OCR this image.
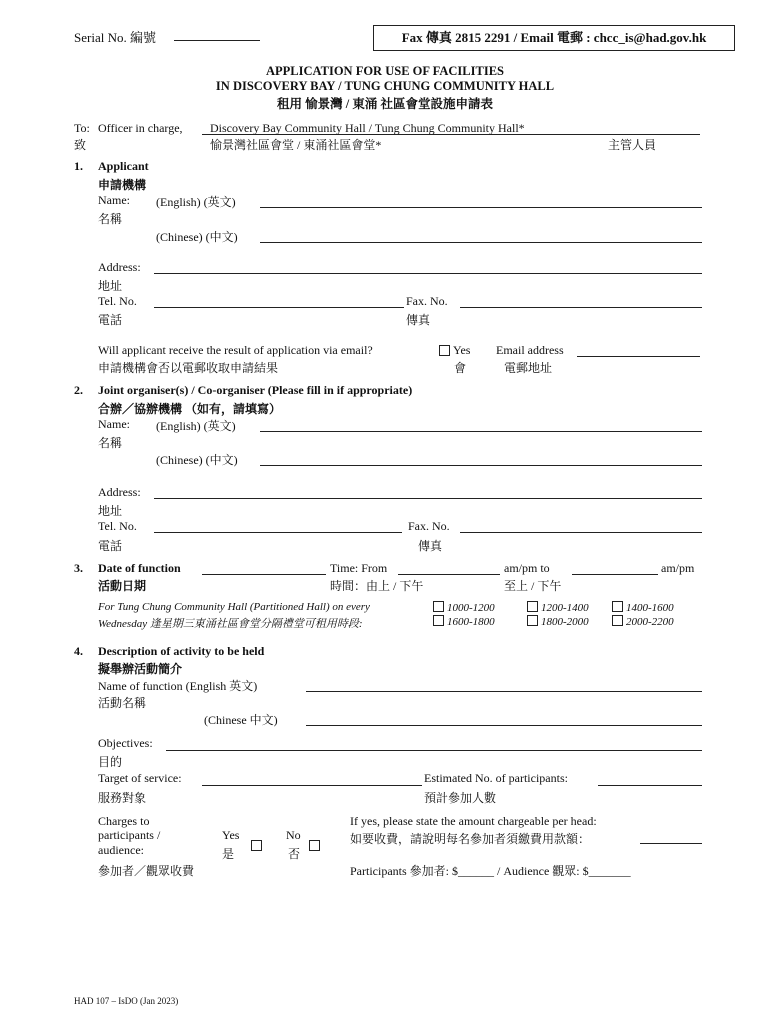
Serial No. 編號	Fax 傳真 2815 2291 / Email 電郵 : chcc_is@had.gov.hk
APPLICATION FOR USE OF FACILITIES
IN DISCOVERY BAY / TUNG CHUNG COMMUNITY HALL
租用 愉景灣 / 東涌 社區會堂設施申請表
To:
致
Officer in charge, Discovery Bay Community Hall / Tung Chung Community Hall*
愉景灣社區會堂 / 東涌社區會堂*	主管人員
1. Applicant
申請機構
Name:
名稱
(English) (英文)
(Chinese) (中文)
Address:
地址
Tel. No.
電話
Fax. No.
傳真
Will applicant receive the result of application via email?
申請機構會否以電郵收取申請結果
Yes
會
Email address
電郵地址
2. Joint organiser(s) / Co-organiser (Please fill in if appropriate)
合辦／協辦機構 （如有，請填寫）
Name:
名稱
(English) (英文)
(Chinese) (中文)
Address:
地址
Tel. No.
電話
Fax. No.
傳真
3. Date of function
活動日期
Time: From
時間：由上 / 下午
am/pm to
至上 / 下午
am/pm
For Tung Chung Community Hall (Partitioned Hall) on every
Wednesday 逢星期三東涌社區會堂分隔禮堂可租用時段:
1000-1200	1200-1400	1400-1600
1600-1800	1800-2000	2000-2200
4. Description of activity to be held
擬舉辦活動簡介
Name of function (English 英文)
活動名稱
(Chinese 中文)
Objectives:
目的
Target of service:
服務對象
Estimated No. of participants:
預計參加人數
Charges to
participants /
audience:
參加者／觀眾收費
Yes
是
No
否
If yes, please state the amount chargeable per head:
如要收費，請說明每名參加者須繳費用款額：
Participants 參加者: $______ / Audience 觀眾: $_______
HAD 107 – IsDO (Jan 2023)
